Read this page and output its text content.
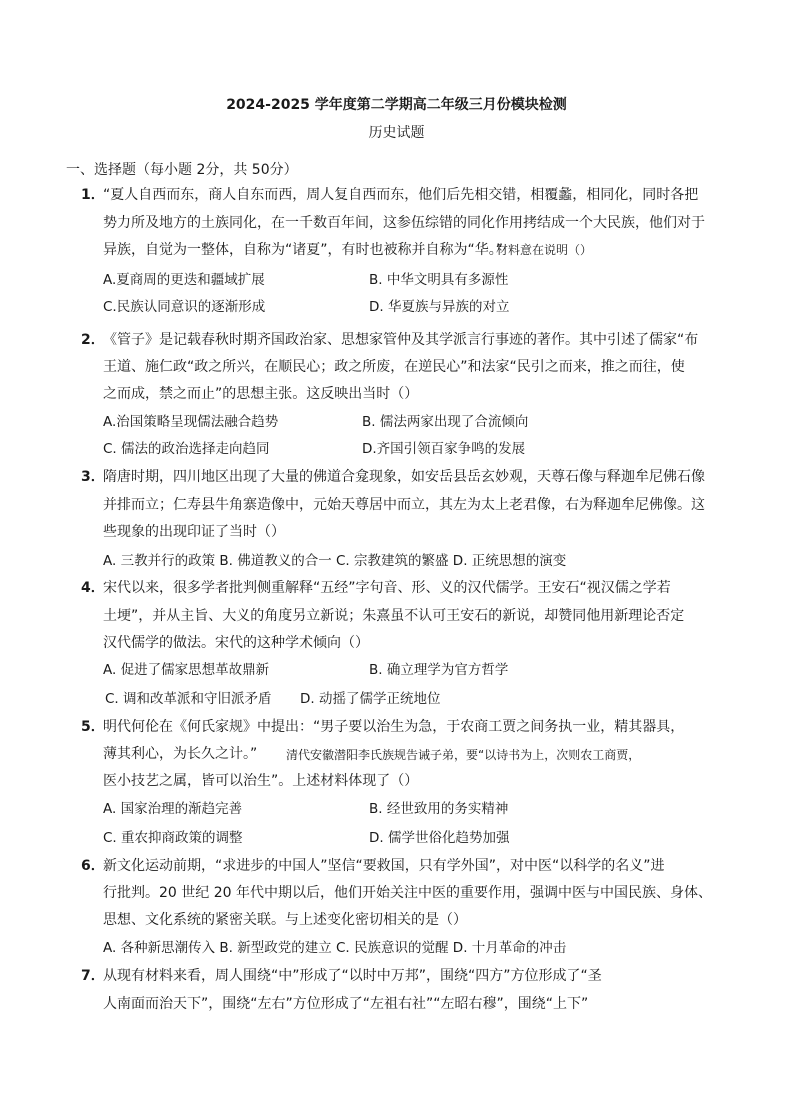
2024-2025 学年度第二学期高二年级三月份模块检测
历史试题
一、选择题（每小题 2分，共 50分）
1．
“夏人自西而东，商人自东而西，周人复自西而东，他们后先相交错，相覆蠡，相同化，同时各把
势力所及地方的土族同化，在一千数百年间，这参伍综错的同化作用拷结成一个大民族，他们对于
异族，自觉为一整体，自称为“诸夏”，有时也被称并自称为“华。”
材料意在说明（）
A.夏商周的更迭和疆域扩展	B. 中华文明具有多源性
C.民族认同意识的逐渐形成	D. 华夏族与异族的对立
2．
《管子》是记载春秋时期齐国政治家、思想家管仲及其学派言行事迹的著作。其中引述了儒家“布
王道、施仁政“政之所兴，在顺民心；政之所废，在逆民心”和法家“民引之而来，推之而往，使
之而成，禁之而止”的思想主张。这反映出当时（）
A.治国策略呈现儒法融合趋势	B. 儒法两家出现了合流倾向
C. 儒法的政治选择走向趋同	D.齐国引领百家争鸣的发展
3．
隋唐时期，四川地区出现了大量的佛道合龛现象，如安岳县岳玄妙观，天尊石像与释迦牟尼佛石像
并排而立；仁寿县牛角寨造像中，元始天尊居中而立，其左为太上老君像，右为释迦牟尼佛像。这
些现象的出现印证了当时（）
A. 三教并行的政策 B. 佛道教义的合一 C. 宗教建筑的繁盛 D. 正统思想的演变
4．
宋代以来，很多学者批判侧重解释“五经”字句音、形、义的汉代儒学。王安石“视汉儒之学若
土埂”，并从主旨、大义的角度另立新说；朱熹虽不认可王安石的新说，却赞同他用新理论否定
汉代儒学的做法。宋代的这种学术倾向（）
A. 促进了儒家思想革故鼎新	B. 确立理学为官方哲学
C. 调和改革派和守旧派矛盾 D. 动摇了儒学正统地位
5．
明代何伦在《何氏家规》中提出：“男子要以治生为急，于农商工贾之间务执一业，精其器具，
薄其利心，为长久之计。” 清代安徽潜阳李氏族规告诫子弟，要“以诗书为上，次则农工商贾，
医小技艺之属，皆可以治生”。上述材料体现了（）
A. 国家治理的渐趋完善	B. 经世致用的务实精神
C. 重农抑商政策的调整	D. 儒学世俗化趋势加强
6．
新文化运动前期，“求进步的中国人”坚信“要救国，只有学外国”，对中医“以科学的名义”进
行批判。20 世纪 20 年代中期以后，他们开始关注中医的重要作用，强调中医与中国民族、身体、
思想、文化系统的紧密关联。与上述变化密切相关的是（）
A. 各种新思潮传入 B. 新型政党的建立 C. 民族意识的觉醒 D. 十月革命的冲击
7．
从现有材料来看，周人围绕“中”形成了“以时中万邦”，围绕“四方”方位形成了“圣
人南面而治天下”，围绕“左右”方位形成了“左祖右社”“左昭右穆”，围绕“上下”
